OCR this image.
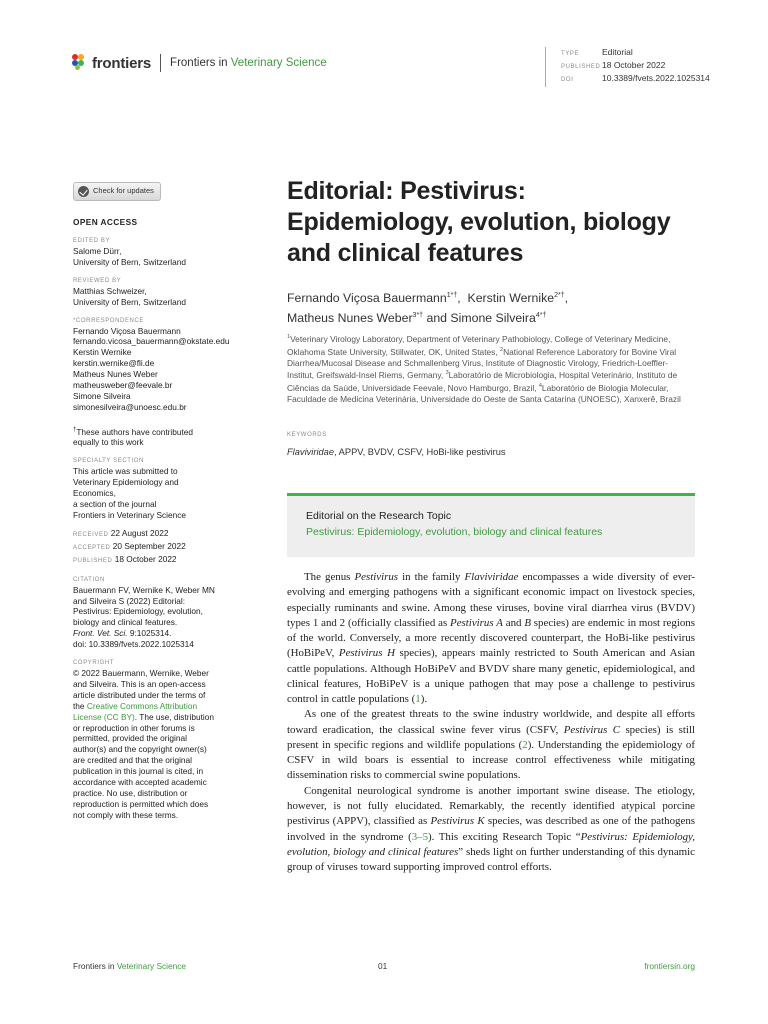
frontiers Frontiers in Veterinary Science
TYPE	Editorial
PUBLISHED 18 October 2022
DOI	10.3389/fvets.2022.1025314
Check for updates
OPEN ACCESS
EDITED BY
Salome Dürr,
University of Bern, Switzerland
REVIEWED BY
Matthias Schweizer,
University of Bern, Switzerland
*CORRESPONDENCE
Fernando Viçosa Bauermann
fernando.vicosa_bauermann@okstate.edu
Kerstin Wernike
kerstin.wernike@fli.de
Matheus Nunes Weber
matheusweber@feevale.br
Simone Silveira
simonesilveira@unoesc.edu.br
†These authors have contributed
equally to this work
SPECIALTY SECTION
This article was submitted to
Veterinary Epidemiology and
Economics,
a section of the journal
Frontiers in Veterinary Science
RECEIVED 22 August 2022
ACCEPTED 20 September 2022
PUBLISHED 18 October 2022
CITATION
Bauermann FV, Wernike K, Weber MN
and Silveira S (2022) Editorial:
Pestivirus: Epidemiology, evolution,
biology and clinical features.
Front. Vet. Sci. 9:1025314.
doi: 10.3389/fvets.2022.1025314
COPYRIGHT
© 2022 Bauermann, Wernike, Weber
and Silveira. This is an open-access
article distributed under the terms of
the Creative Commons Attribution
License (CC BY). The use, distribution
or reproduction in other forums is
permitted, provided the original
author(s) and the copyright owner(s)
are credited and that the original
publication in this journal is cited, in
accordance with accepted academic
practice. No use, distribution or
reproduction is permitted which does
not comply with these terms.
Editorial: Pestivirus: Epidemiology, evolution, biology and clinical features
Fernando Viçosa Bauermann$^{1*\dagger}$,  Kerstin Wernike$^{2*\dagger}$,
Matheus Nunes Weber$^{3*\dagger}$ and Simone Silveira$^{4*\dagger}$
$^1$Veterinary Virology Laboratory, Department of Veterinary Pathobiology, College of Veterinary Medicine, Oklahoma State University, Stillwater, OK, United States, $^2$National Reference Laboratory for Bovine Viral Diarrhea/Mucosal Disease and Schmallenberg Virus, Institute of Diagnostic Virology, Friedrich-Loeffler-Institut, Greifswald-Insel Riems, Germany, $^3$Laboratório de Microbiologia, Hospital Veterinário, Instituto de Ciências da Saúde, Universidade Feevale, Novo Hamburgo, Brazil, $^4$Laboratório de Biologia Molecular, Faculdade de Medicina Veterinária, Universidade do Oeste de Santa Catarina (UNOESC), Xanxerê, Brazil
KEYWORDS
Flaviviridae, APPV, BVDV, CSFV, HoBi-like pestivirus
Editorial on the Research Topic
Pestivirus: Epidemiology, evolution, biology and clinical features

The genus Pestivirus in the family Flaviviridae encompasses a wide diversity of ever-evolving and emerging pathogens with a significant economic impact on livestock species, especially ruminants and swine. Among these viruses, bovine viral diarrhea virus (BVDV) types 1 and 2 (officially classified as Pestivirus A and B species) are endemic in most regions of the world. Conversely, a more recently discovered counterpart, the HoBi-like pestivirus (HoBiPeV, Pestivirus H species), appears mainly restricted to South American and Asian cattle populations. Although HoBiPeV and BVDV share many genetic, epidemiological, and clinical features, HoBiPeV is a unique pathogen that may pose a challenge to pestivirus control in cattle populations (1).

As one of the greatest threats to the swine industry worldwide, and despite all efforts toward eradication, the classical swine fever virus (CSFV, Pestivirus C species) is still present in specific regions and wildlife populations (2). Understanding the epidemiology of CSFV in wild boars is essential to increase control effectiveness while mitigating dissemination risks to commercial swine populations.

Congenital neurological syndrome is another important swine disease. The etiology, however, is not fully elucidated. Remarkably, the recently identified atypical porcine pestivirus (APPV), classified as Pestivirus K species, was described as one of the pathogens involved in the syndrome (3–5). This exciting Research Topic “Pestivirus: Epidemiology, evolution, biology and clinical features” sheds light on further understanding of this dynamic group of viruses toward supporting improved control efforts.

Frontiers in Veterinary Science	01	frontiersin.org
